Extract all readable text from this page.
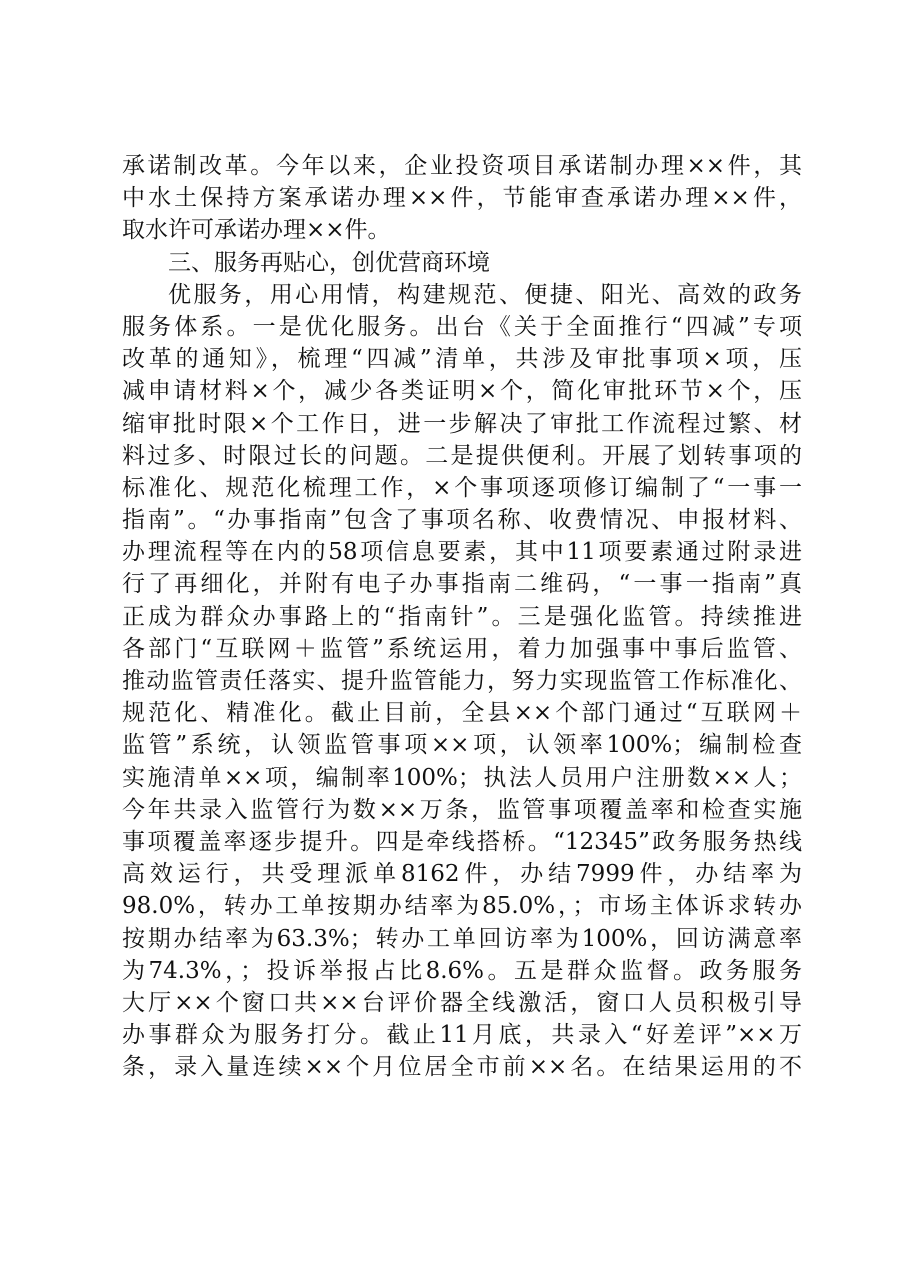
承诺制改革。今年以来，企业投资项目承诺制办理××件，其
中水土保持方案承诺办理××件，节能审查承诺办理××件，
取水许可承诺办理××件。
三、服务再贴心，创优营商环境
优服务，用心用情，构建规范、便捷、阳光、高效的政务
服务体系。一是优化服务。出台《关于全面推行“四减”专项
改革的通知》，梳理“四减”清单，共涉及审批事项×项，压
减申请材料×个，减少各类证明×个，简化审批环节×个，压
缩审批时限×个工作日，进一步解决了审批工作流程过繁、材
料过多、时限过长的问题。二是提供便利。开展了划转事项的
标准化、规范化梳理工作，×个事项逐项修订编制了“一事一
指南”。“办事指南”包含了事项名称、收费情况、申报材料、
办理流程等在内的58项信息要素，其中11项要素通过附录进
行了再细化，并附有电子办事指南二维码，“一事一指南”真
正成为群众办事路上的“指南针”。三是强化监管。持续推进
各部门“互联网＋监管”系统运用，着力加强事中事后监管、
推动监管责任落实、提升监管能力，努力实现监管工作标准化、
规范化、精准化。截止目前，全县××个部门通过“互联网＋
监管”系统，认领监管事项××项，认领率100%；编制检查
实施清单××项，编制率100%；执法人员用户注册数××人；
今年共录入监管行为数××万条，监管事项覆盖率和检查实施
事项覆盖率逐步提升。四是牵线搭桥。“12345”政务服务热线
高效运行，共受理派单8162件，办结7999件，办结率为
98.0%，转办工单按期办结率为85.0%，；市场主体诉求转办
按期办结率为63.3%；转办工单回访率为100%，回访满意率
为74.3%，；投诉举报占比8.6%。五是群众监督。政务服务
大厅××个窗口共××台评价器全线激活，窗口人员积极引导
办事群众为服务打分。截止11月底，共录入“好差评”××万
条，录入量连续××个月位居全市前××名。在结果运用的不
